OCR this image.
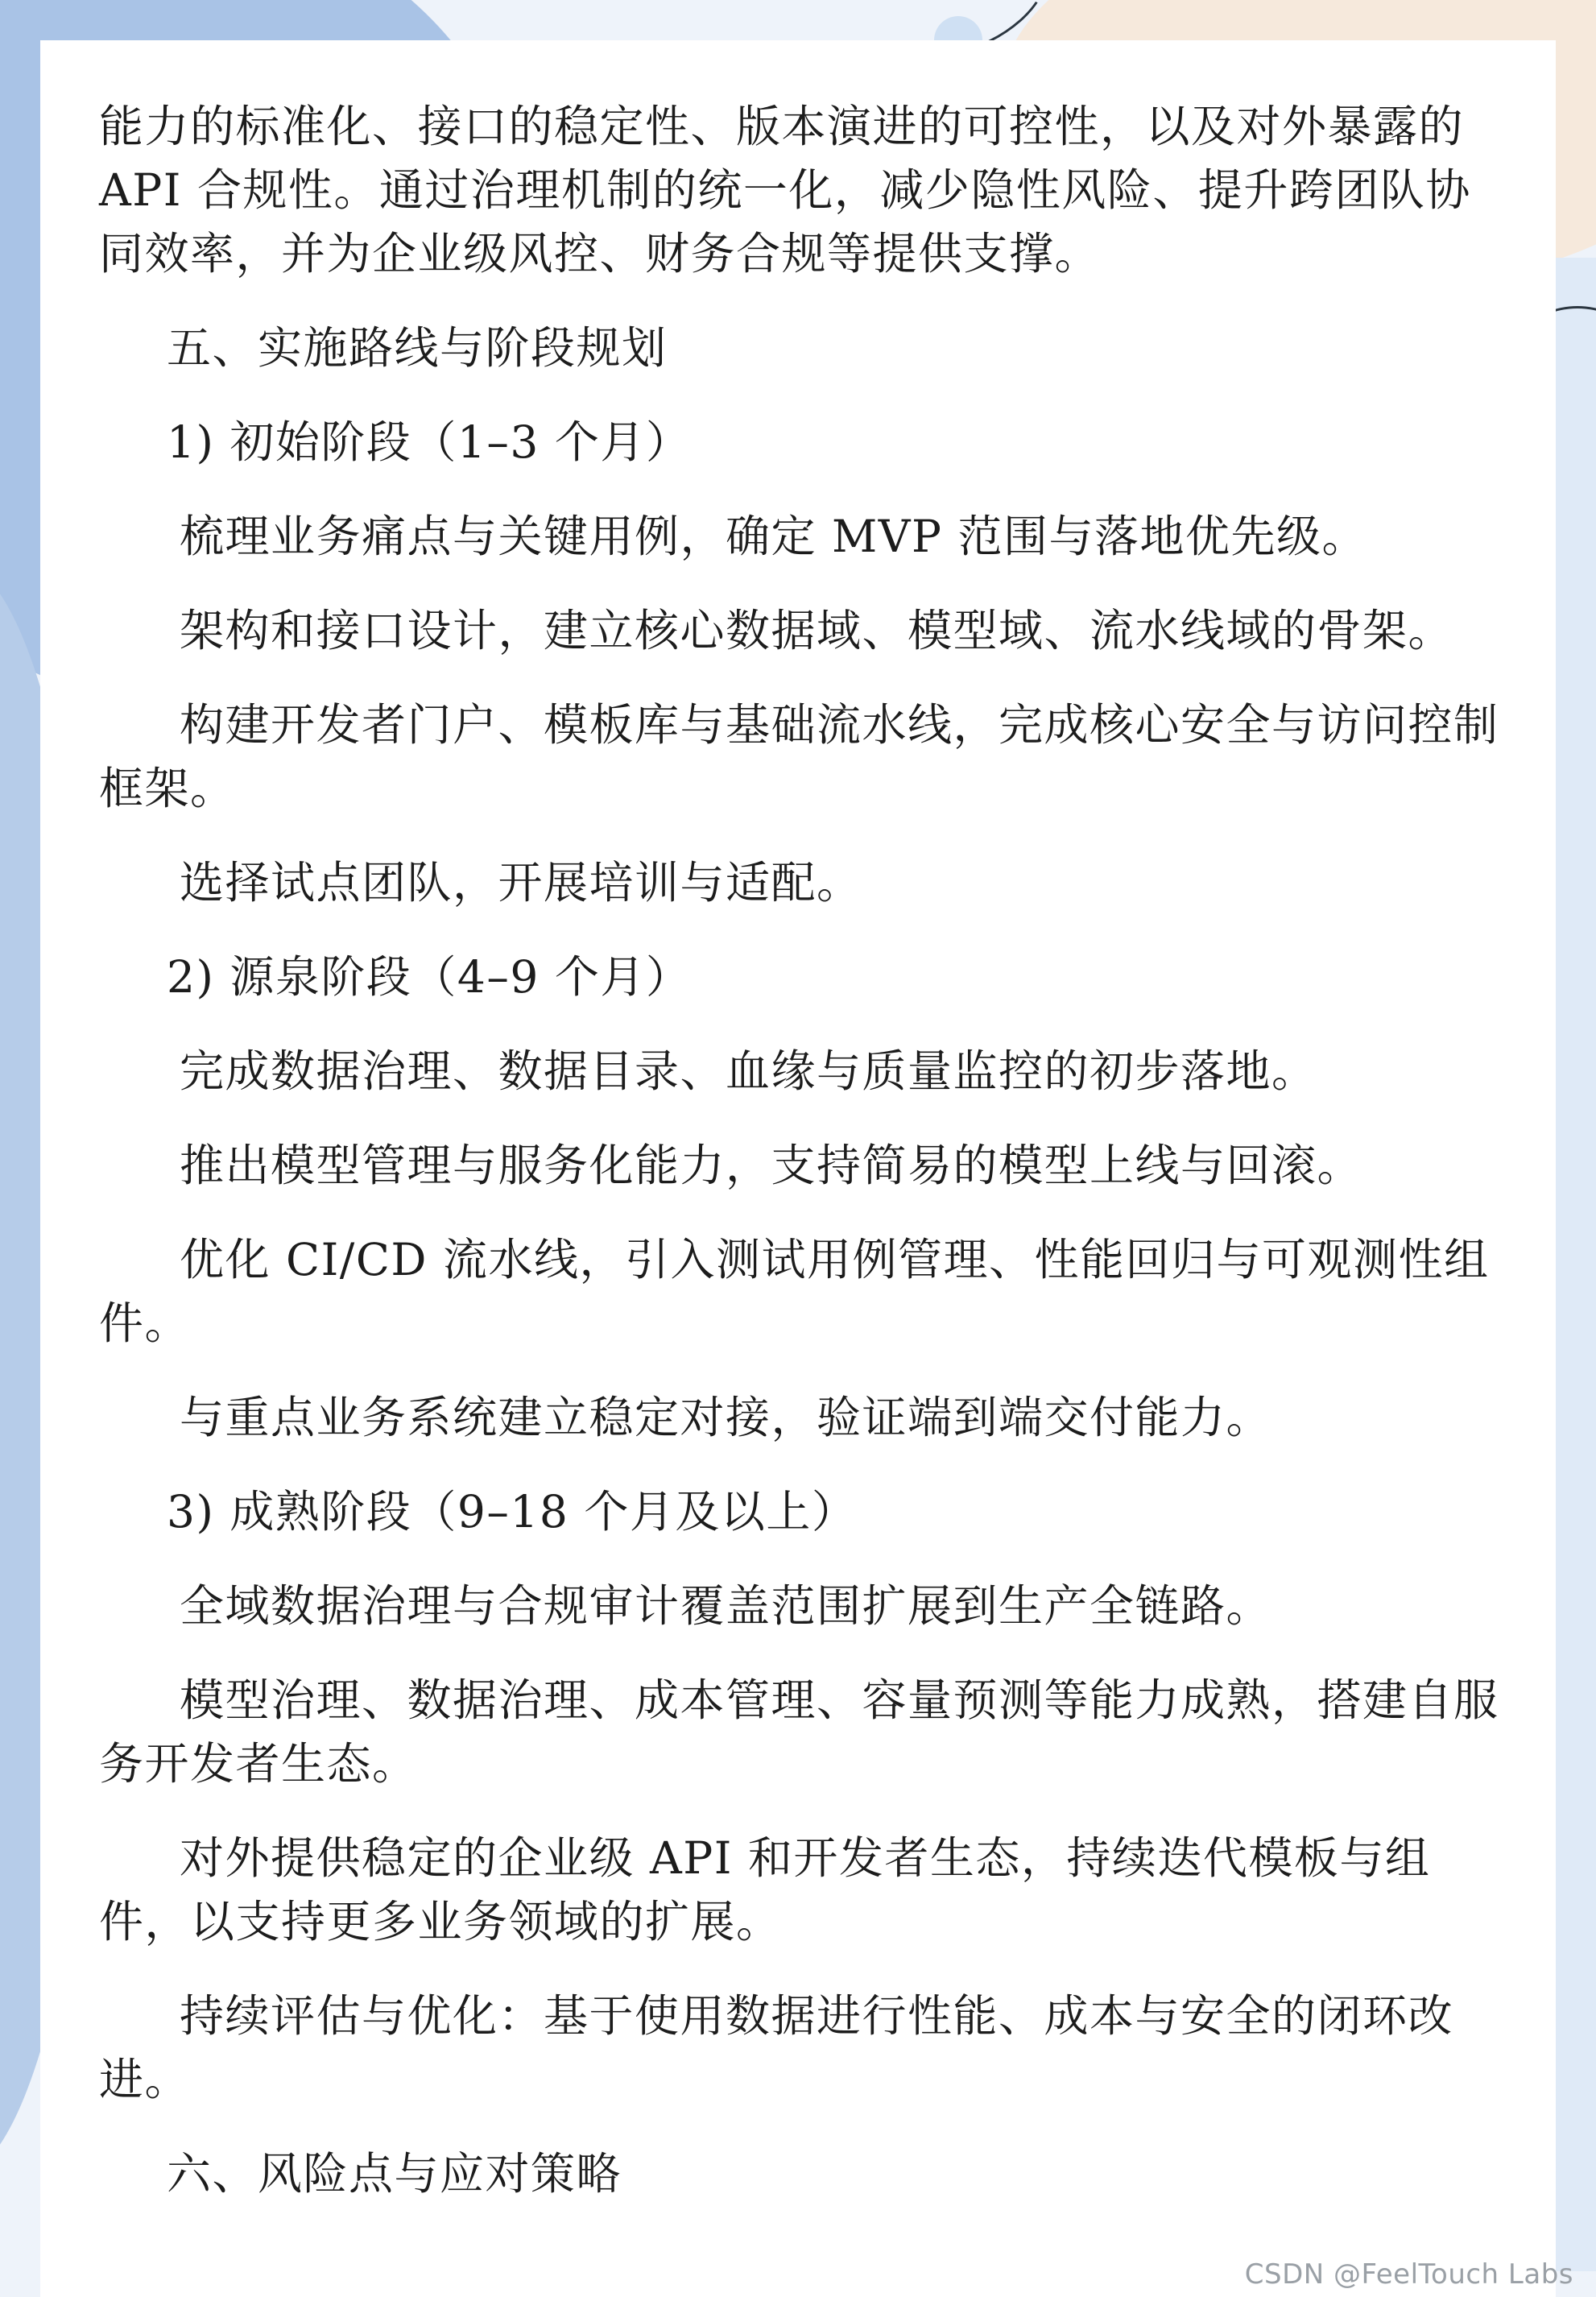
能力的标准化、接口的稳定性、版本演进的可控性，以及对外暴露的API 合规性。通过治理机制的统一化，减少隐性风险、提升跨团队协同效率，并为企业级风控、财务合规等提供支撑。

五、实施路线与阶段规划

1) 初始阶段（1–3 个月）

梳理业务痛点与关键用例，确定 MVP 范围与落地优先级。

架构和接口设计，建立核心数据域、模型域、流水线域的骨架。

构建开发者门户、模板库与基础流水线，完成核心安全与访问控制框架。

选择试点团队，开展培训与适配。

2) 源泉阶段（4–9 个月）

完成数据治理、数据目录、血缘与质量监控的初步落地。

推出模型管理与服务化能力，支持简易的模型上线与回滚。

优化 CI/CD 流水线，引入测试用例管理、性能回归与可观测性组件。

与重点业务系统建立稳定对接，验证端到端交付能力。

3) 成熟阶段（9–18 个月及以上）

全域数据治理与合规审计覆盖范围扩展到生产全链路。

模型治理、数据治理、成本管理、容量预测等能力成熟，搭建自服务开发者生态。

对外提供稳定的企业级 API 和开发者生态，持续迭代模板与组件，以支持更多业务领域的扩展。

持续评估与优化：基于使用数据进行性能、成本与安全的闭环改进。

六、风险点与应对策略

CSDN @FeelTouch Labs
